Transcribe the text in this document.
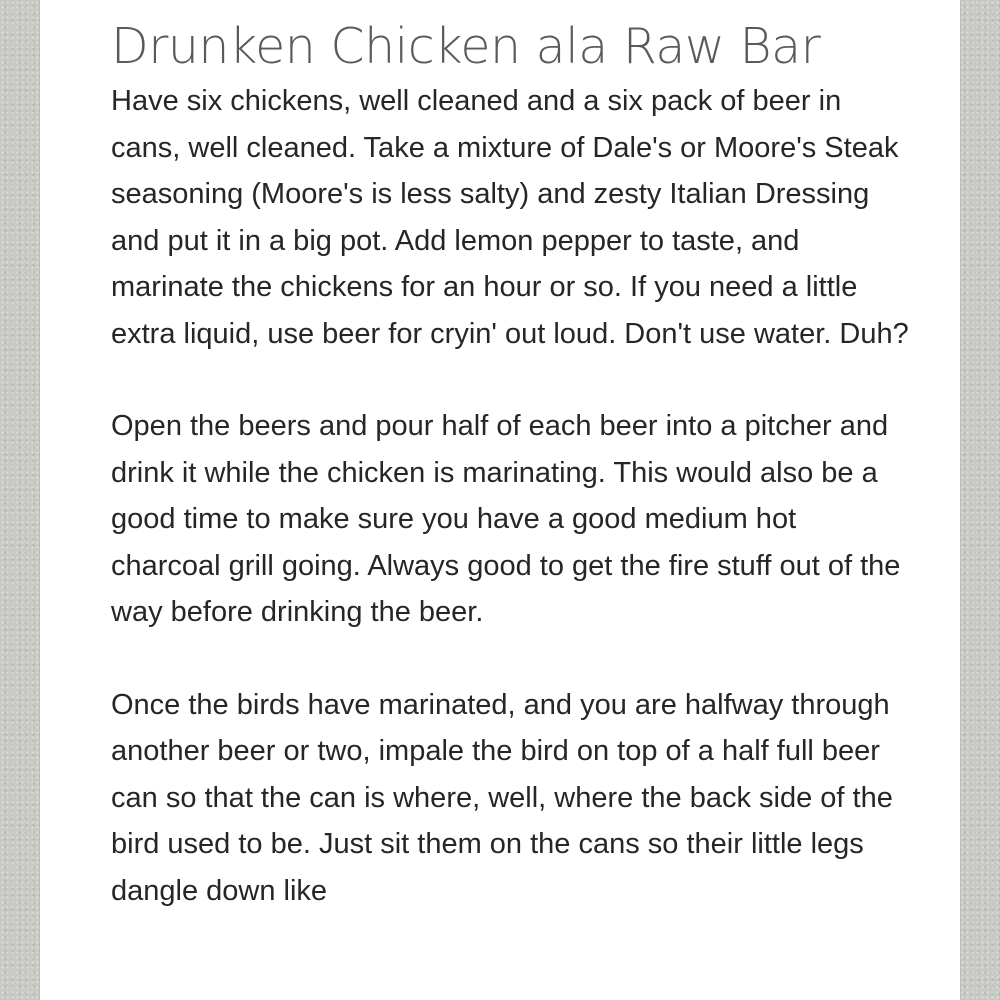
Drunken Chicken ala Raw Bar

Have six chickens, well cleaned and a six pack of beer in cans, well cleaned. Take a mixture of Dale's or Moore's Steak seasoning (Moore's is less salty) and zesty Italian Dressing and put it in a big pot. Add lemon pepper to taste, and marinate the chickens for an hour or so. If you need a little extra liquid, use beer for cryin' out loud. Don't use water. Duh?

Open the beers and pour half of each beer into a pitcher and drink it while the chicken is marinating. This would also be a good time to make sure you have a good medium hot charcoal grill going. Always good to get the fire stuff out of the way before drinking the beer.

Once the birds have marinated, and you are halfway through another beer or two, impale the bird on top of a half full beer can so that the can is where, well, where the back side of the bird used to be. Just sit them on the cans so their little legs dangle down like
